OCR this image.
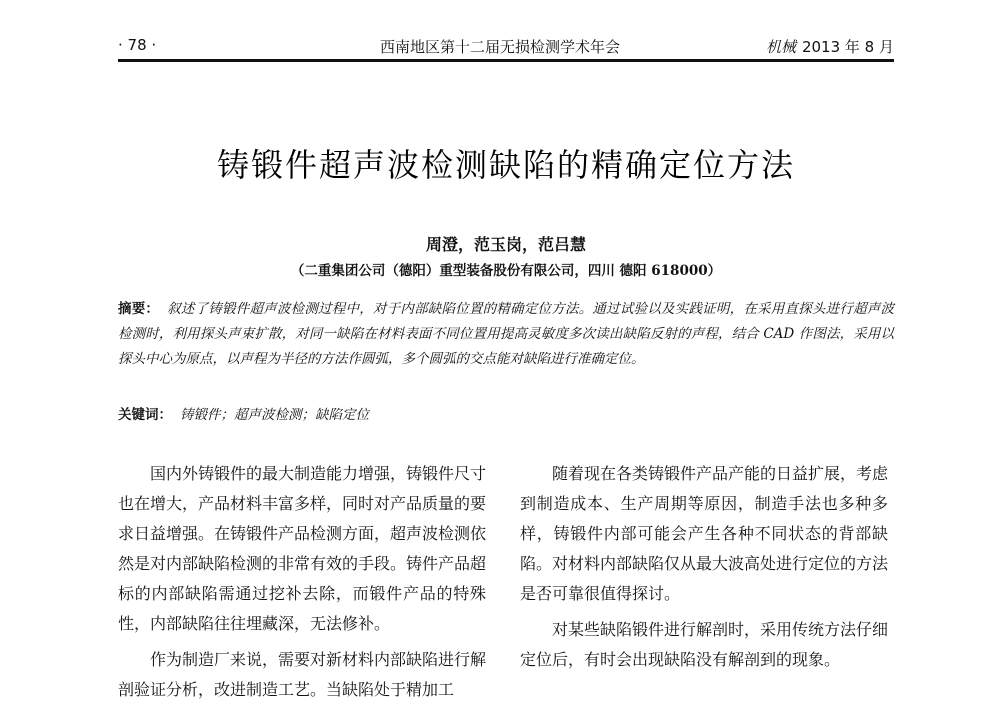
· 78 ·	西南地区第十二届无损检测学术年会	机械 2013 年 8 月
铸锻件超声波检测缺陷的精确定位方法
周澄，范玉岗，范吕慧
（二重集团公司（德阳）重型装备股份有限公司，四川 德阳 618000）
摘要： 叙述了铸锻件超声波检测过程中，对于内部缺陷位置的精确定位方法。通过试验以及实践证明，在采用直探头进行超声波检测时，利用探头声束扩散，对同一缺陷在材料表面不同位置用提高灵敏度多次读出缺陷反射的声程，结合 CAD 作图法，采用以探头中心为原点，以声程为半径的方法作圆弧，多个圆弧的交点能对缺陷进行准确定位。
关键词： 铸锻件；超声波检测；缺陷定位

国内外铸锻件的最大制造能力增强，铸锻件尺寸也在增大，产品材料丰富多样，同时对产品质量的要求日益增强。在铸锻件产品检测方面，超声波检测依然是对内部缺陷检测的非常有效的手段。铸件产品超标的内部缺陷需通过挖补去除，而锻件产品的特殊性，内部缺陷往往埋藏深，无法修补。

作为制造厂来说，需要对新材料内部缺陷进行解剖验证分析，改进制造工艺。当缺陷处于精加工

随着现在各类铸锻件产品产能的日益扩展，考虑到制造成本、生产周期等原因，制造手法也多种多样，铸锻件内部可能会产生各种不同状态的背部缺陷。对材料内部缺陷仅从最大波高处进行定位的方法是否可靠很值得探讨。

对某些缺陷锻件进行解剖时，采用传统方法仔细定位后，有时会出现缺陷没有解剖到的现象。
